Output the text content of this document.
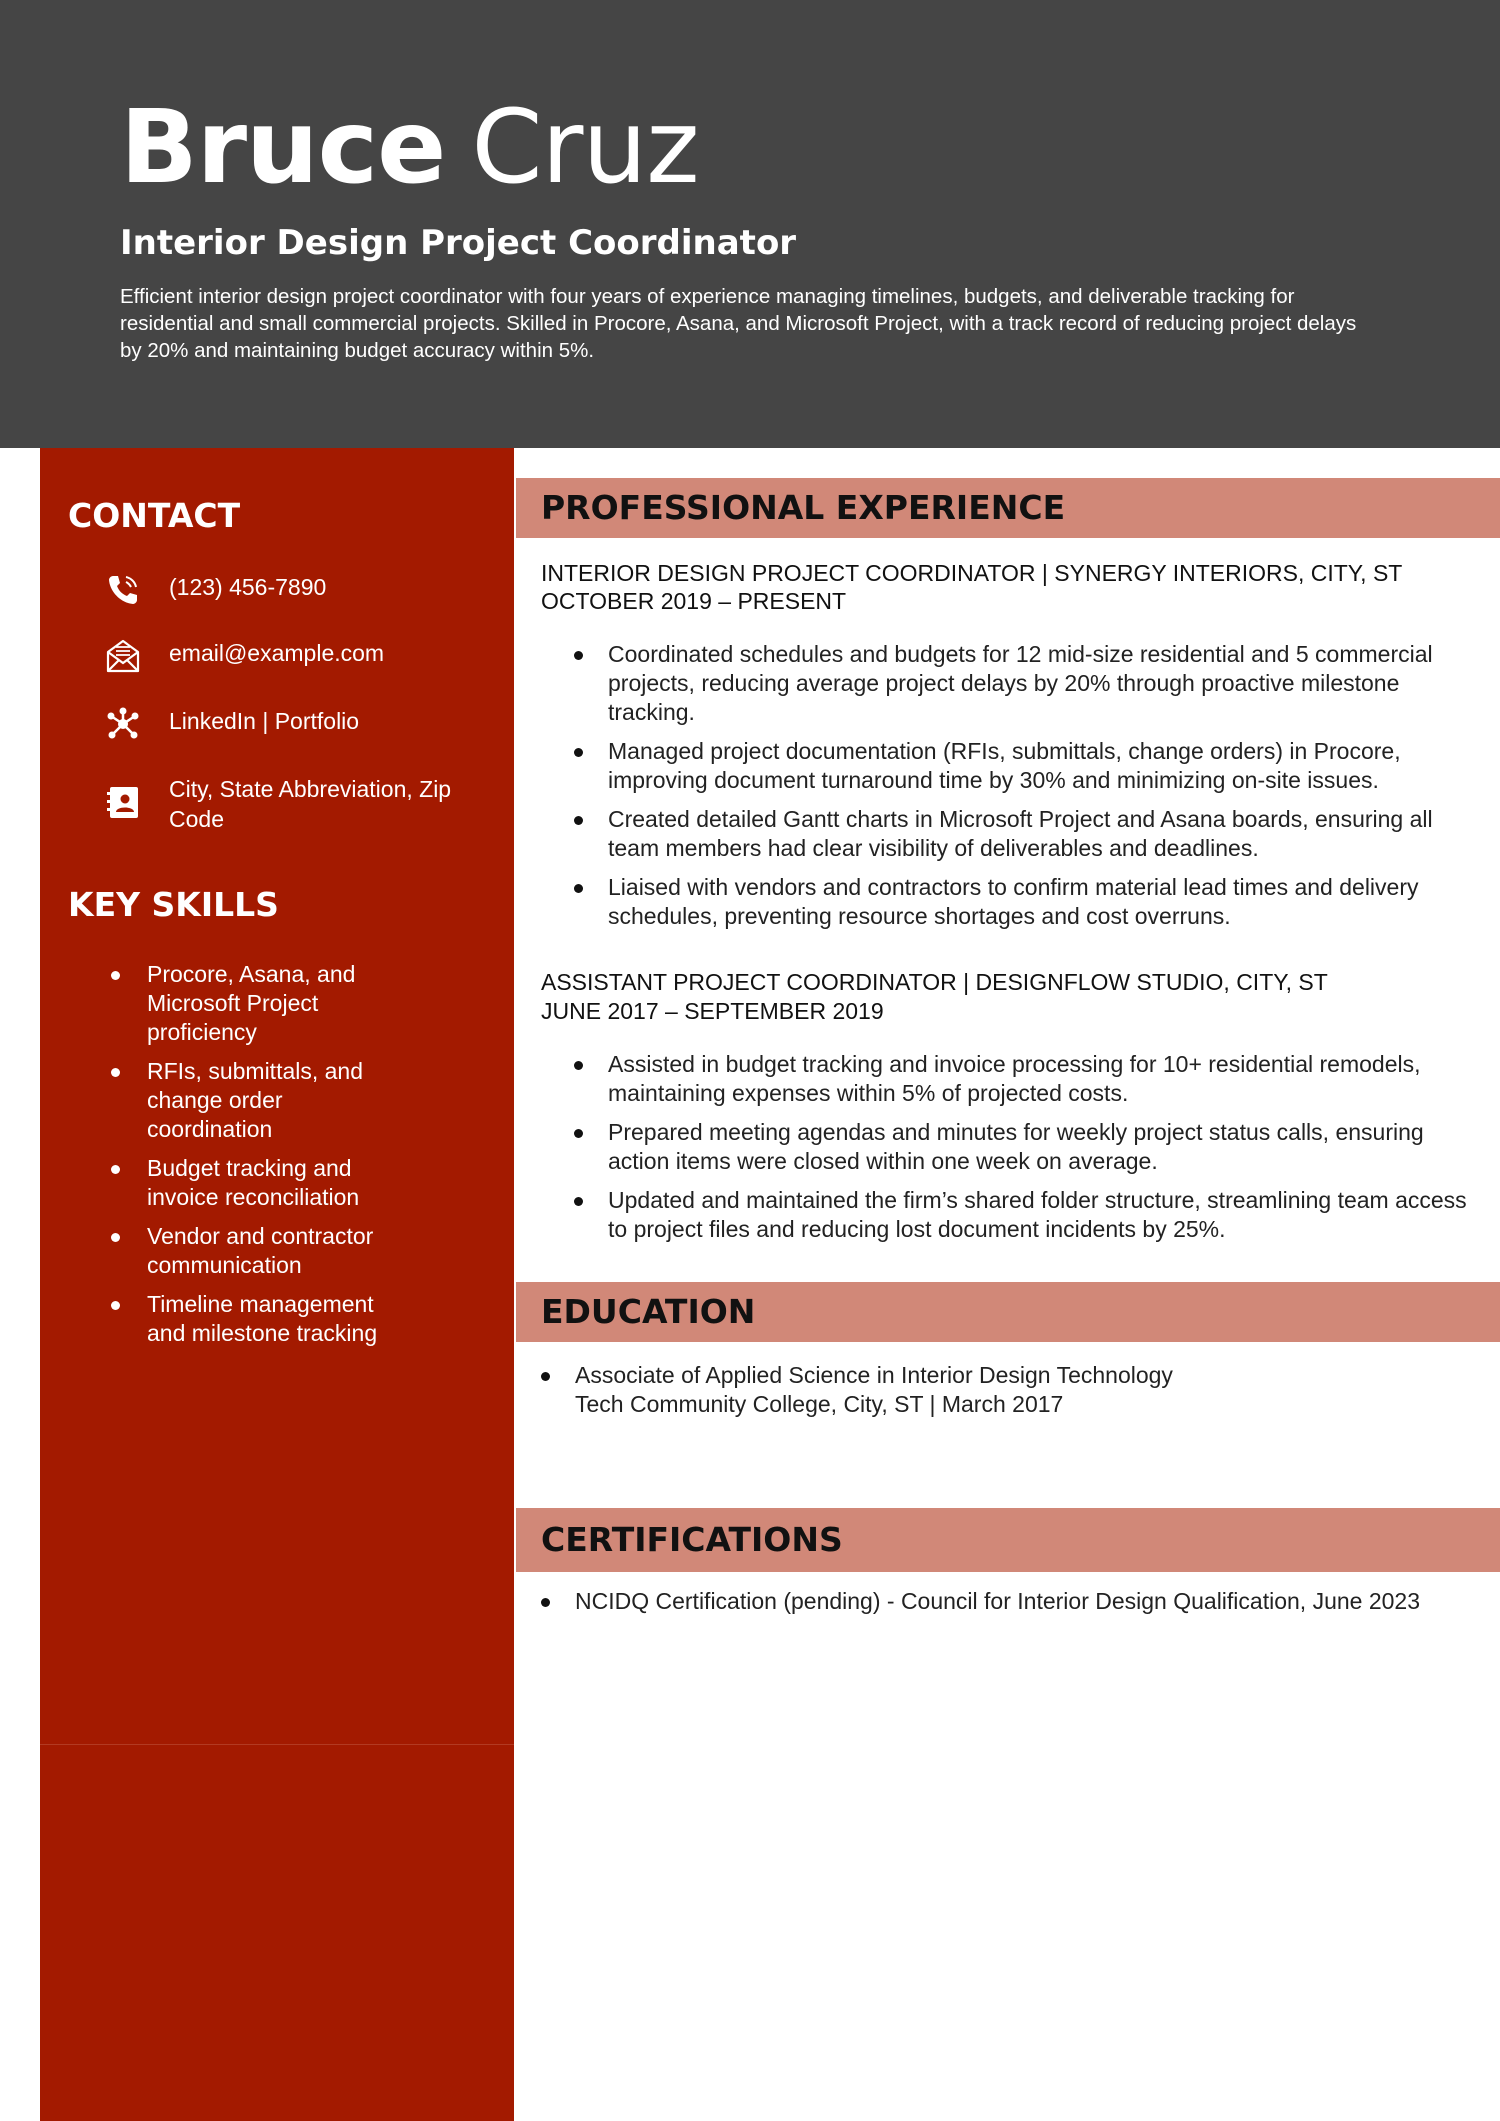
Bruce Cruz
Interior Design Project Coordinator
Efficient interior design project coordinator with four years of experience managing timelines, budgets, and deliverable tracking for residential and small commercial projects. Skilled in Procore, Asana, and Microsoft Project, with a track record of reducing project delays by 20% and maintaining budget accuracy within 5%.
CONTACT
(123) 456-7890
email@example.com
LinkedIn | Portfolio
City, State Abbreviation, Zip Code
KEY SKILLS
Procore, Asana, and Microsoft Project proficiency
RFIs, submittals, and change order coordination
Budget tracking and invoice reconciliation
Vendor and contractor communication
Timeline management and milestone tracking
PROFESSIONAL EXPERIENCE
INTERIOR DESIGN PROJECT COORDINATOR | SYNERGY INTERIORS, CITY, ST
OCTOBER 2019 – PRESENT
Coordinated schedules and budgets for 12 mid-size residential and 5 commercial projects, reducing average project delays by 20% through proactive milestone tracking.
Managed project documentation (RFIs, submittals, change orders) in Procore, improving document turnaround time by 30% and minimizing on-site issues.
Created detailed Gantt charts in Microsoft Project and Asana boards, ensuring all team members had clear visibility of deliverables and deadlines.
Liaised with vendors and contractors to confirm material lead times and delivery schedules, preventing resource shortages and cost overruns.
ASSISTANT PROJECT COORDINATOR | DESIGNFLOW STUDIO, CITY, ST
JUNE 2017 – SEPTEMBER 2019
Assisted in budget tracking and invoice processing for 10+ residential remodels, maintaining expenses within 5% of projected costs.
Prepared meeting agendas and minutes for weekly project status calls, ensuring action items were closed within one week on average.
Updated and maintained the firm’s shared folder structure, streamlining team access to project files and reducing lost document incidents by 25%.
EDUCATION
Associate of Applied Science in Interior Design Technology
Tech Community College, City, ST | March 2017
CERTIFICATIONS
NCIDQ Certification (pending) - Council for Interior Design Qualification, June 2023
